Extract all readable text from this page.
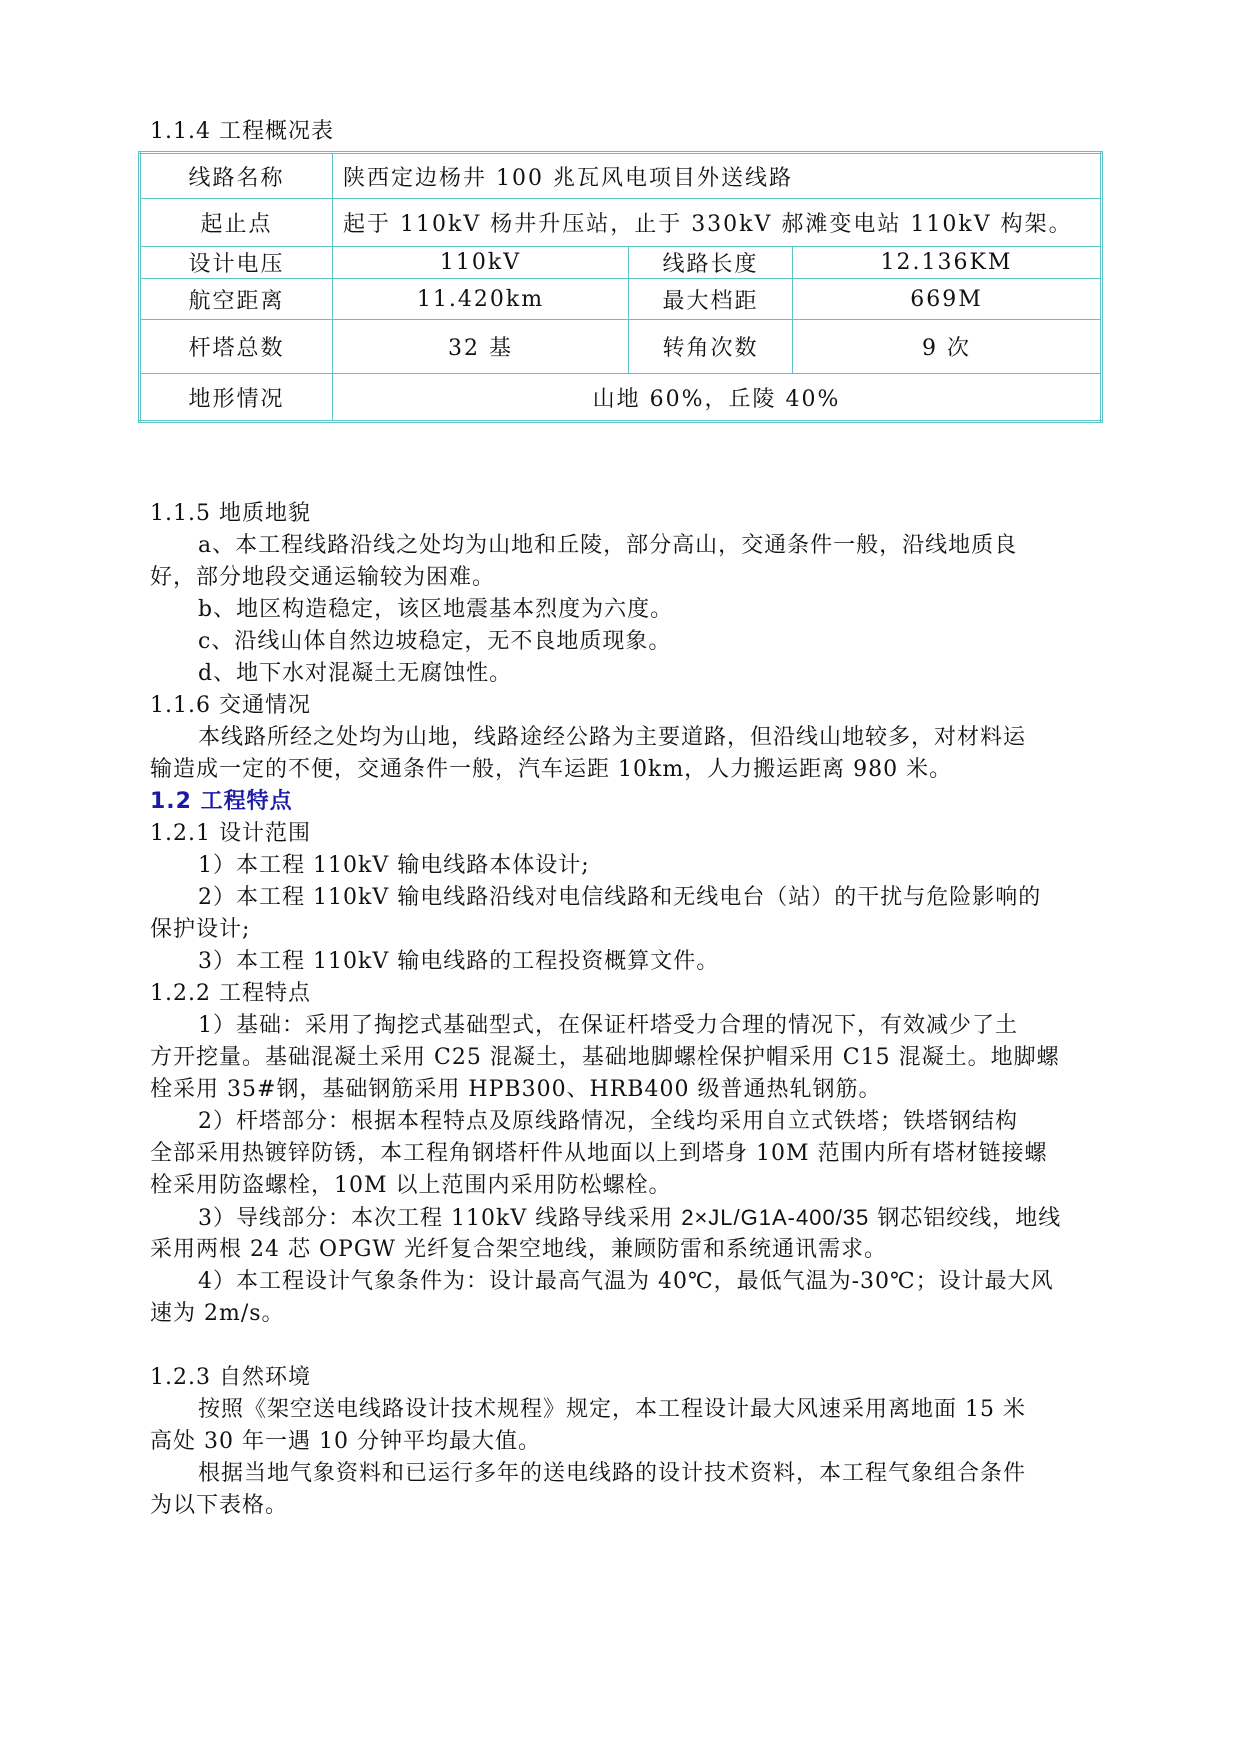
1.1.4 工程概况表
线路名称	陕西定边杨井 100 兆瓦风电项目外送线路		
起止点	起于 110kV 杨井升压站，止于 330kV 郝滩变电站 110kV 构架。		
设计电压	110kV	线路长度	12.136KM
航空距离	11.420km	最大档距	669M
杆塔总数	32 基	转角次数	9 次
地形情况	山地 60%，丘陵 40%		
1.1.5 地质地貌
a、本工程线路沿线之处均为山地和丘陵，部分高山，交通条件一般，沿线地质良
好，部分地段交通运输较为困难。
b、地区构造稳定，该区地震基本烈度为六度。
c、沿线山体自然边坡稳定，无不良地质现象。
d、地下水对混凝土无腐蚀性。
1.1.6 交通情况
本线路所经之处均为山地，线路途经公路为主要道路，但沿线山地较多，对材料运
输造成一定的不便，交通条件一般，汽车运距 10km，人力搬运距离 980 米。
1.2 工程特点
1.2.1 设计范围
1）本工程 110kV 输电线路本体设计;
2）本工程 110kV 输电线路沿线对电信线路和无线电台（站）的干扰与危险影响的
保护设计;
3）本工程 110kV 输电线路的工程投资概算文件。
1.2.2 工程特点
1）基础：采用了掏挖式基础型式，在保证杆塔受力合理的情况下，有效减少了土
方开挖量。基础混凝土采用 C25 混凝土，基础地脚螺栓保护帽采用 C15 混凝土。地脚螺
栓采用 35#钢，基础钢筋采用 HPB300、HRB400 级普通热轧钢筋。
2）杆塔部分：根据本程特点及原线路情况，全线均采用自立式铁塔；铁塔钢结构
全部采用热镀锌防锈，本工程角钢塔杆件从地面以上到塔身 10M 范围内所有塔材链接螺
栓采用防盗螺栓，10M 以上范围内采用防松螺栓。
3）导线部分：本次工程 110kV 线路导线采用 2×JL/G1A-400/35 钢芯铝绞线，地线
采用两根 24 芯 OPGW 光纤复合架空地线，兼顾防雷和系统通讯需求。
4）本工程设计气象条件为：设计最高气温为 40℃，最低气温为-30℃；设计最大风
速为 2m/s。
1.2.3 自然环境
按照《架空送电线路设计技术规程》规定，本工程设计最大风速采用离地面 15 米
高处 30 年一遇 10 分钟平均最大值。
根据当地气象资料和已运行多年的送电线路的设计技术资料，本工程气象组合条件
为以下表格。
